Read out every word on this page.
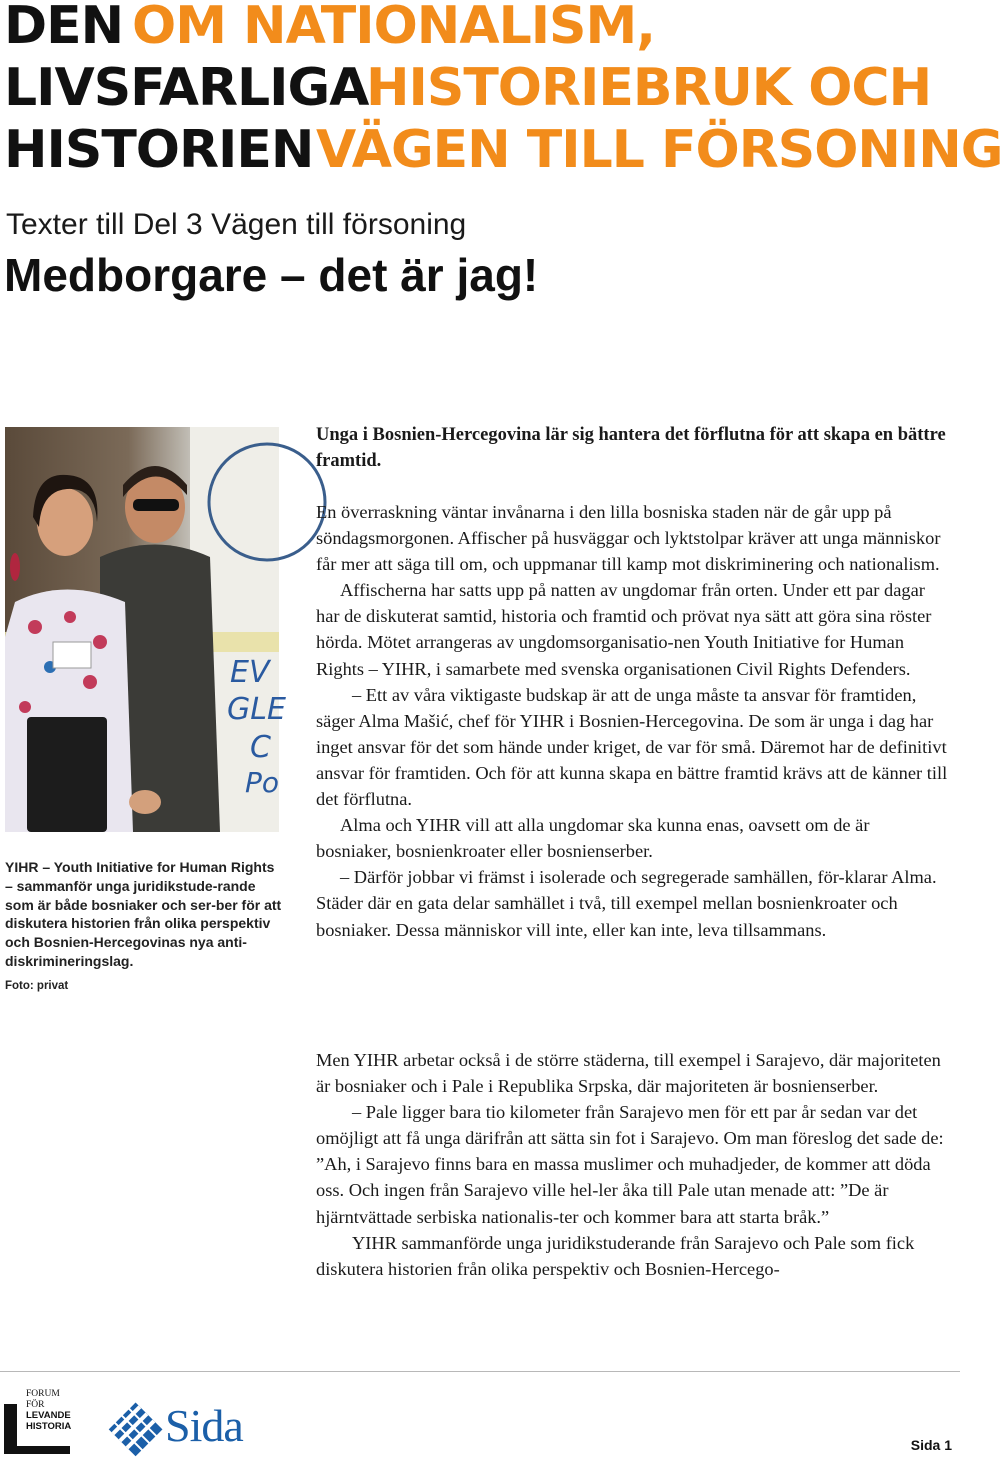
DEN OM NATIONALISM,
LIVSFARLIGA
HISTORIEBRUK OCH
HISTORIEN VÄGEN TILL FÖRSONING
Texter till Del 3 Vägen till försoning
Medborgare – det är jag!
EV
GLE
C
Po
YIHR – Youth Initiative for Human Rights – sammanför unga juridikstude-rande som är både bosniaker och ser-ber för att diskutera historien från olika perspektiv och Bosnien-Hercegovinas nya anti-diskrimineringslag.
Foto: privat
Unga i Bosnien-Hercegovina lär sig hantera det förflutna för att skapa en bättre framtid.

En överraskning väntar invånarna i den lilla bosniska staden när de går upp på söndagsmorgonen. Affischer på husväggar och lyktstolpar kräver att unga människor får mer att säga till om, och uppmanar till kamp mot diskriminering och nationalism.

Affischerna har satts upp på natten av ungdomar från orten. Under ett par dagar har de diskuterat samtid, historia och framtid och prövat nya sätt att göra sina röster hörda. Mötet arrangeras av ungdomsorganisatio-nen Youth Initiative for Human Rights – YIHR, i samarbete med svenska organisationen Civil Rights Defenders.

– Ett av våra viktigaste budskap är att de unga måste ta ansvar för framtiden, säger Alma Mašić, chef för YIHR i Bosnien-Hercegovina. De som är unga i dag har inget ansvar för det som hände under kriget, de var för små. Däremot har de definitivt ansvar för framtiden. Och för att kunna skapa en bättre framtid krävs att de känner till det förflutna.

Alma och YIHR vill att alla ungdomar ska kunna enas, oavsett om de är bosniaker, bosnienkroater eller bosnienserber.

– Därför jobbar vi främst i isolerade och segregerade samhällen, för-klarar Alma. Städer där en gata delar samhället i två, till exempel mellan bosnienkroater och bosniaker. Dessa människor vill inte, eller kan inte, leva tillsammans.

Men YIHR arbetar också i de större städerna, till exempel i Sarajevo, där majoriteten är bosniaker och i Pale i Republika Srpska, där majoriteten är bosnienserber.

– Pale ligger bara tio kilometer från Sarajevo men för ett par år sedan var det omöjligt att få unga därifrån att sätta sin fot i Sarajevo. Om man föreslog det sade de: ”Ah, i Sarajevo finns bara en massa muslimer och muhadjeder, de kommer att döda oss. Och ingen från Sarajevo ville hel-ler åka till Pale utan menade att: ”De är hjärntvättade serbiska nationalis-ter och kommer bara att starta bråk.”

YIHR sammanförde unga juridikstuderande från Sarajevo och Pale som fick diskutera historien från olika perspektiv och Bosnien-Hercego-

FORUM
FÖR
LEVANDE
HISTORIA Sida	Sida 1
